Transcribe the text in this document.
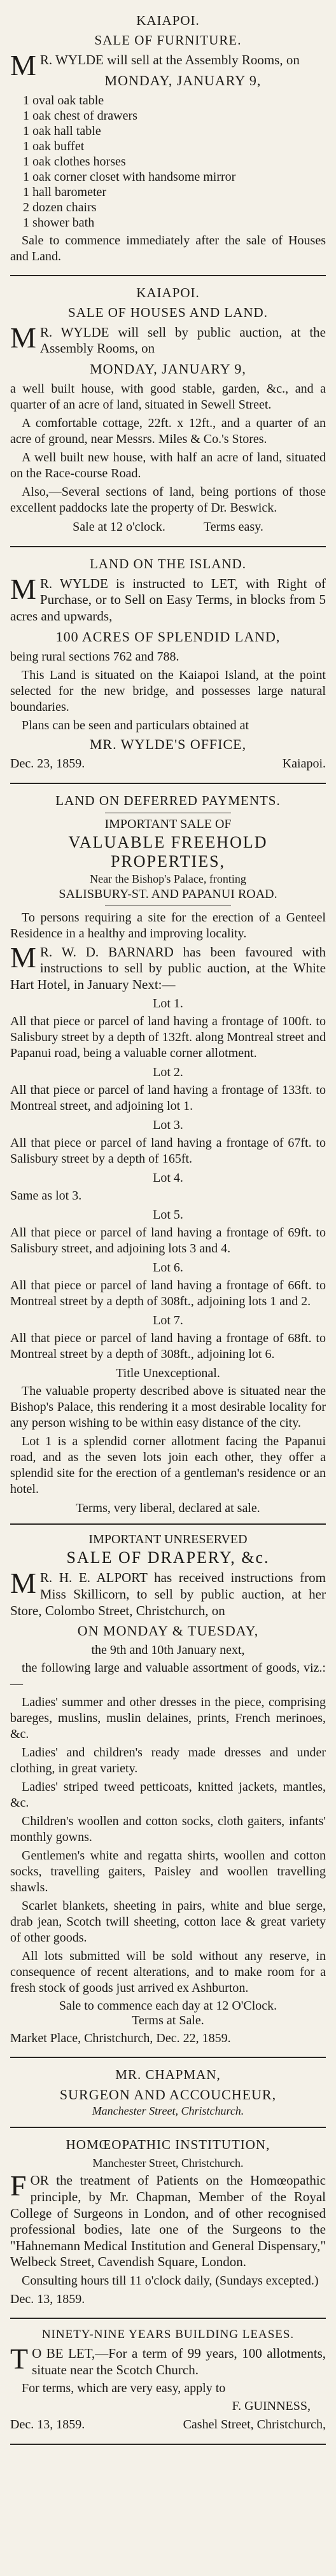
KAIAPOI.
SALE OF FURNITURE.
M R. WYLDE will sell at the Assembly Rooms, on
MONDAY, JANUARY 9,
1 oval oak table
1 oak chest of drawers
1 oak hall table
1 oak buffet
1 oak clothes horses
1 oak corner closet with handsome mirror
1 hall barometer
2 dozen chairs
1 shower bath
Sale to commence immediately after the sale of Houses and Land.
KAIAPOI.
SALE OF HOUSES AND LAND.
M R. WYLDE will sell by public auction, at the Assembly Rooms, on
MONDAY, JANUARY 9,
a well built house, with good stable, garden, &c., and a quarter of an acre of land, situated in Sewell Street.
A comfortable cottage, 22ft. x 12ft., and a quarter of an acre of ground, near Messrs. Miles & Co.'s Stores.
A well built new house, with half an acre of land, situated on the Race-course Road.
Also,—Several sections of land, being portions of those excellent paddocks late the property of Dr. Beswick.
Sale at 12 o'clock.	Terms easy.
LAND ON THE ISLAND.
M R. WYLDE is instructed to LET, with Right of Purchase, or to Sell on Easy Terms, in blocks from 5 acres and upwards,
100 ACRES OF SPLENDID LAND,
being rural sections 762 and 788.
This Land is situated on the Kaiapoi Island, at the point selected for the new bridge, and possesses large natural boundaries.
Plans can be seen and particulars obtained at
MR. WYLDE'S OFFICE,
Dec. 23, 1859.	Kaiapoi.
LAND ON DEFERRED PAYMENTS.
IMPORTANT SALE OF
VALUABLE FREEHOLD PROPERTIES,
Near the Bishop's Palace, fronting
SALISBURY-ST. AND PAPANUI ROAD.
To persons requiring a site for the erection of a Genteel Residence in a healthy and improving locality.
M R. W. D. BARNARD has been favoured with instructions to sell by public auction, at the White Hart Hotel, in January Next:—
Lot 1.
All that piece or parcel of land having a frontage of 100ft. to Salisbury street by a depth of 132ft. along Montreal street and Papanui road, being a valuable corner allotment.
Lot 2.
All that piece or parcel of land having a frontage of 133ft. to Montreal street, and adjoining lot 1.
Lot 3.
All that piece or parcel of land having a frontage of 67ft. to Salisbury street by a depth of 165ft.
Lot 4.
Same as lot 3.
Lot 5.
All that piece or parcel of land having a frontage of 69ft. to Salisbury street, and adjoining lots 3 and 4.
Lot 6.
All that piece or parcel of land having a frontage of 66ft. to Montreal street by a depth of 308ft., adjoining lots 1 and 2.
Lot 7.
All that piece or parcel of land having a frontage of 68ft. to Montreal street by a depth of 308ft., adjoining lot 6.
Title Unexceptional.
The valuable property described above is situated near the Bishop's Palace, this rendering it a most desirable locality for any person wishing to be within easy distance of the city.
Lot 1 is a splendid corner allotment facing the Papanui road, and as the seven lots join each other, they offer a splendid site for the erection of a gentleman's residence or an hotel.
Terms, very liberal, declared at sale.
IMPORTANT UNRESERVED
SALE OF DRAPERY, &c.
M R. H. E. ALPORT has received instructions from Miss Skillicorn, to sell by public auction, at her Store, Colombo Street, Christchurch, on
ON MONDAY & TUESDAY,
the 9th and 10th January next,
the following large and valuable assortment of goods, viz.:—
Ladies' summer and other dresses in the piece, comprising bareges, muslins, muslin delaines, prints, French merinoes, &c.
Ladies' and children's ready made dresses and under clothing, in great variety.
Ladies' striped tweed petticoats, knitted jackets, mantles, &c.
Children's woollen and cotton socks, cloth gaiters, infants' monthly gowns.
Gentlemen's white and regatta shirts, woollen and cotton socks, travelling gaiters, Paisley and woollen travelling shawls.
Scarlet blankets, sheeting in pairs, white and blue serge, drab jean, Scotch twill sheeting, cotton lace & great variety of other goods.
All lots submitted will be sold without any reserve, in consequence of recent alterations, and to make room for a fresh stock of goods just arrived ex Ashburton.
Sale to commence each day at 12 O'Clock.
Terms at Sale.
Market Place, Christchurch, Dec. 22, 1859.
MR. CHAPMAN,
SURGEON AND ACCOUCHEUR,
Manchester Street, Christchurch.
HOMŒOPATHIC INSTITUTION,
Manchester Street, Christchurch.
F OR the treatment of Patients on the Homœopathic principle, by Mr. Chapman, Member of the Royal College of Surgeons in London, and of other recognised professional bodies, late one of the Surgeons to the "Hahnemann Medical Institution and General Dispensary," Welbeck Street, Cavendish Square, London.
Consulting hours till 11 o'clock daily, (Sundays excepted.)
Dec. 13, 1859.
NINETY-NINE YEARS BUILDING LEASES.
T O BE LET,—For a term of 99 years, 100 allotments, situate near the Scotch Church.
For terms, which are very easy, apply to
F. GUINNESS,
Dec. 13, 1859.	Cashel Street, Christchurch,
